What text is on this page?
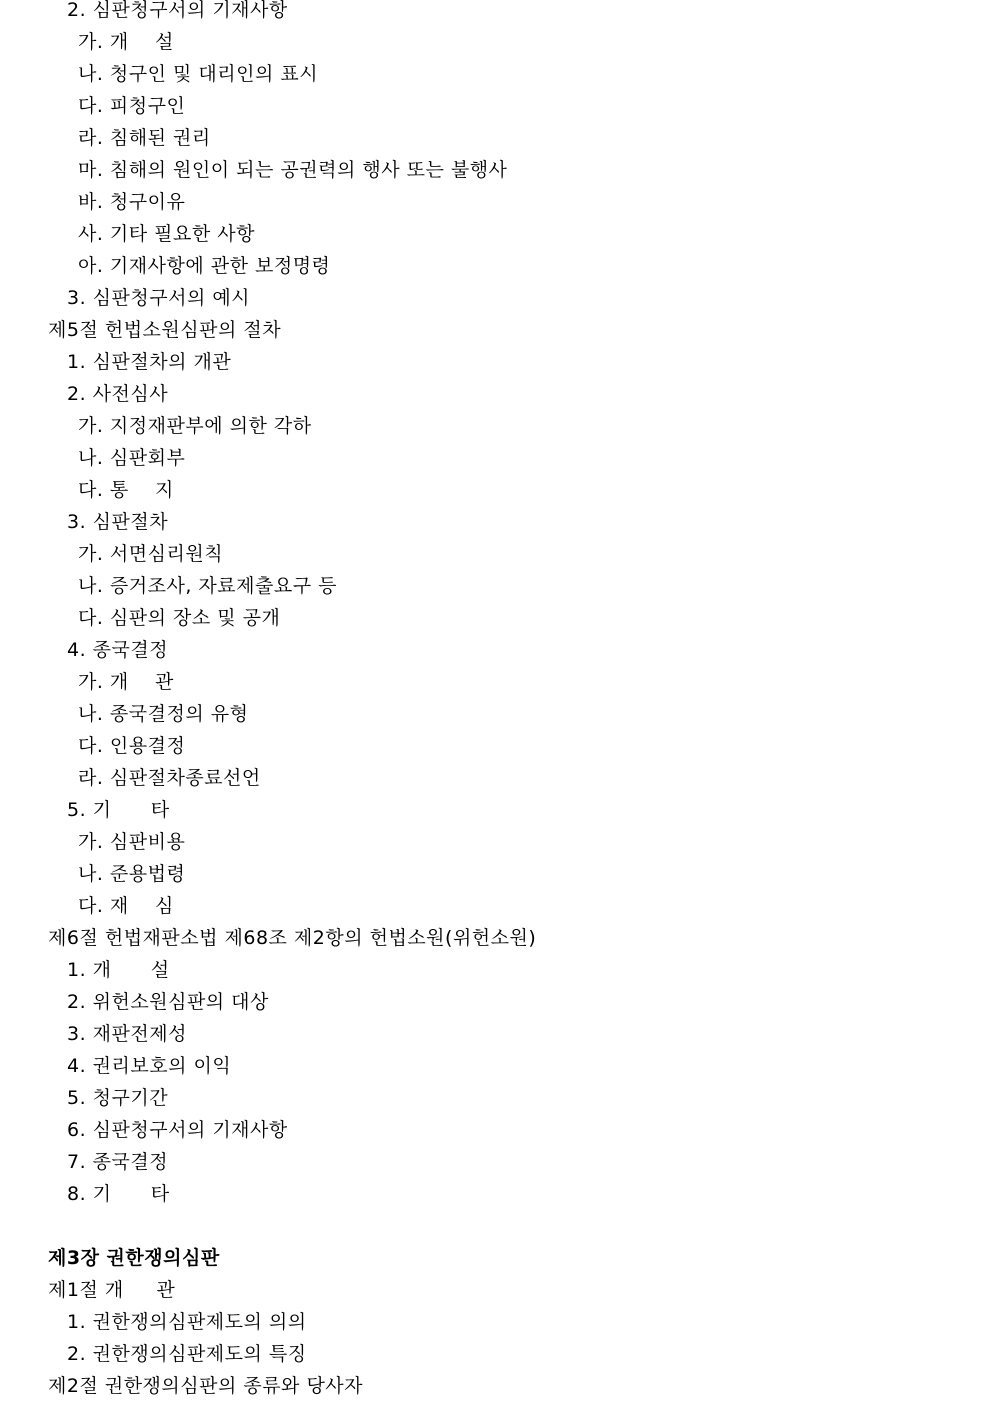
2. 심판청구서의 기재사항
가. 개    설
나. 청구인 및 대리인의 표시
다. 피청구인
라. 침해된 권리
마. 침해의 원인이 되는 공권력의 행사 또는 불행사
바. 청구이유
사. 기타 필요한 사항
아. 기재사항에 관한 보정명령
3. 심판청구서의 예시
제5절 헌법소원심판의 절차
1. 심판절차의 개관
2. 사전심사
가. 지정재판부에 의한 각하
나. 심판회부
다. 통    지
3. 심판절차
가. 서면심리원칙
나. 증거조사, 자료제출요구 등
다. 심판의 장소 및 공개
4. 종국결정
가. 개    관
나. 종국결정의 유형
다. 인용결정
라. 심판절차종료선언
5. 기      타
가. 심판비용
나. 준용법령
다. 재    심
제6절 헌법재판소법 제68조 제2항의 헌법소원(위헌소원)
1. 개      설
2. 위헌소원심판의 대상
3. 재판전제성
4. 권리보호의 이익
5. 청구기간
6. 심판청구서의 기재사항
7. 종국결정
8. 기      타
제3장 권한쟁의심판
제1절 개     관
1. 권한쟁의심판제도의 의의
2. 권한쟁의심판제도의 특징
제2절 권한쟁의심판의 종류와 당사자
